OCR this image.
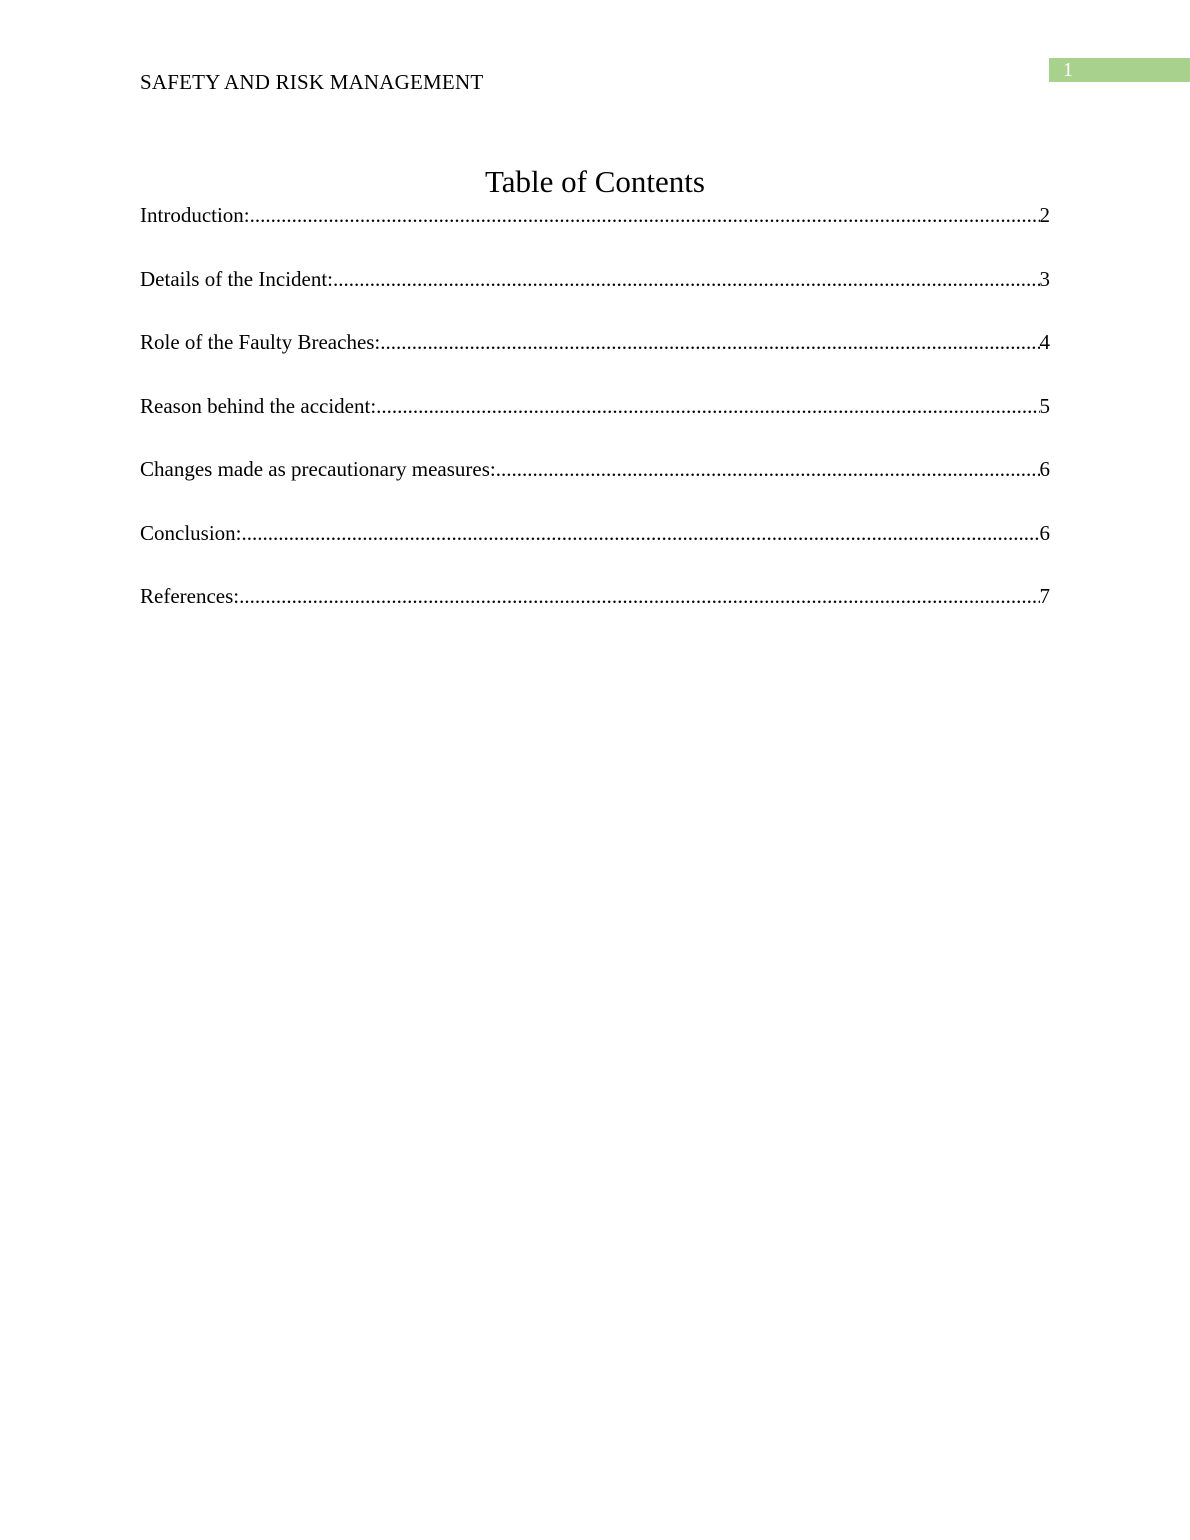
SAFETY AND RISK MANAGEMENT	1
Table of Contents
Introduction: .....	2
Details of the Incident: .....	3
Role of the Faulty Breaches: .....	4
Reason behind the accident: .....	5
Changes made as precautionary measures: .....	6
Conclusion: .....	6
References: .....	7
